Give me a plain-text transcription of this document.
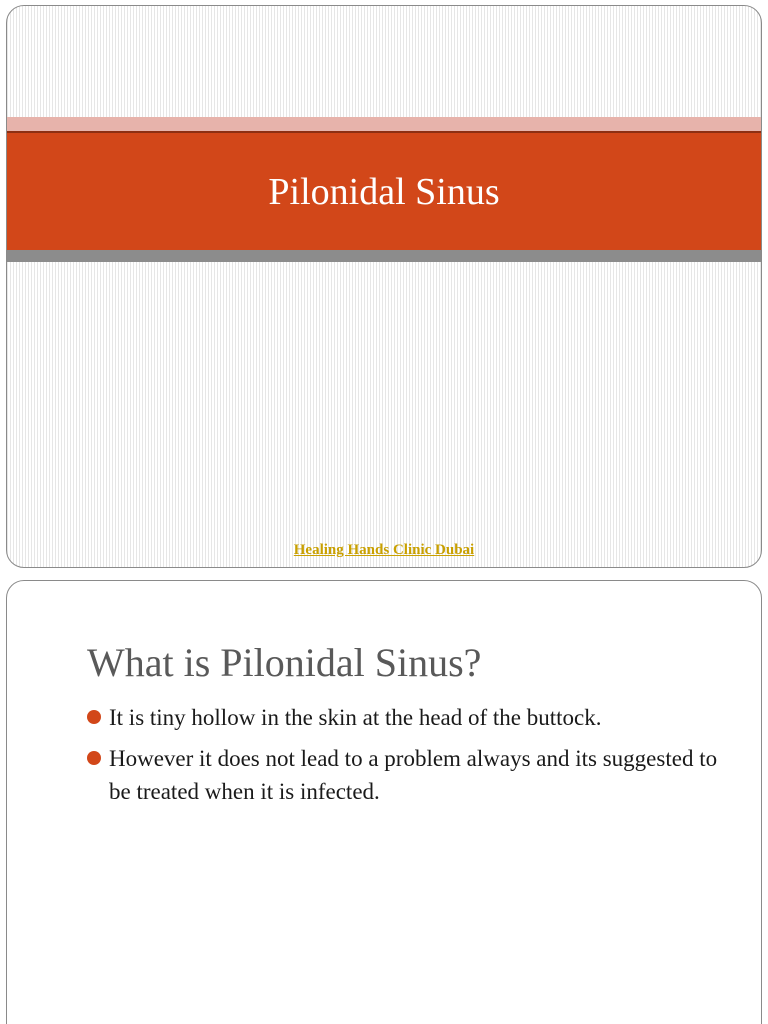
Pilonidal Sinus
Healing Hands Clinic Dubai
What is Pilonidal Sinus?
It is tiny hollow in the skin at the head of the buttock.
However it does not lead to a problem always and its suggested to be treated when it is infected.
